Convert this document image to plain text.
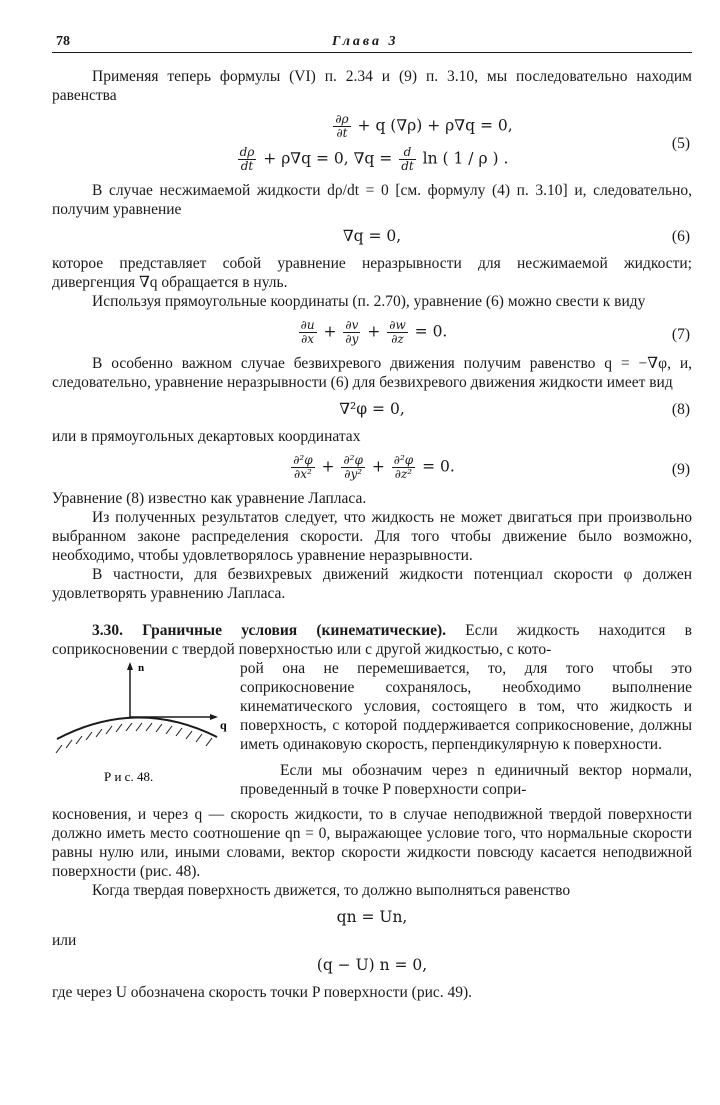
78	Глава 3

Применяя теперь формулы (VI) п. 2.34 и (9) п. 3.10, мы последовательно находим равенства

$\frac{\partial\rho}{\partial t} + q$ (∇ρ) + ρ∇q = 0,
$\frac{d\rho}{dt} + \rho\nabla q = 0$, $\nabla q = \frac{d}{dt}$ ln ( 1 / ρ ) .
(5)

В случае несжимаемой жидкости dρ/dt = 0 [см. формулу (4) п. 3.10] и, следовательно, получим уравнение

∇q = 0,	(6)

которое представляет собой уравнение неразрывности для несжимаемой жидкости; дивергенция ∇q обращается в нуль.

Используя прямоугольные координаты (п. 2.70), уравнение (6) можно свести к виду

$\frac{\partial u}{\partial x} + \frac{\partial v}{\partial y} + \frac{\partial w}{\partial z} = 0$.	(7)

В особенно важном случае безвихревого движения получим равенство q = −∇φ, и, следовательно, уравнение неразрывности (6) для безвихревого движения жидкости имеет вид

∇²φ = 0,	(8)

или в прямоугольных декартовых координатах

$\frac{\text{∂²φ}}{\text{∂x²}} + \frac{\text{∂²φ}}{\text{∂y²}} + \frac{\text{∂²φ}}{\text{∂z²}} = 0$.	(9)

Уравнение (8) известно как уравнение Лапласа.

Из полученных результатов следует, что жидкость не может двигаться при произвольно выбранном законе распределения скорости. Для того чтобы движение было возможно, необходимо, чтобы удовлетворялось уравнение неразрывности.

В частности, для безвихревых движений жидкости потенциал скорости φ должен удовлетворять уравнению Лапласа.

3.30. Граничные условия (кинематические). Если жидкость находится в соприкосновении с твердой поверхностью или с другой жидкостью, с кото-

n
q
Р и с. 48.

рой она не перемешивается, то, для того чтобы это соприкосновение сохранялось, необходимо выполнение кинематического условия, состоящего в том, что жидкость и поверхность, с которой поддерживается соприкосновение, должны иметь одинаковую скорость, перпендикулярную к поверхности.

Если мы обозначим через n единичный вектор нормали, проведенный в точке P поверхности сопри-

косновения, и через q — скорость жидкости, то в случае неподвижной твердой поверхности должно иметь место соотношение qn = 0, выражающее условие того, что нормальные скорости равны нулю или, иными словами, вектор скорости жидкости повсюду касается неподвижной поверхности (рис. 48).

Когда твердая поверхность движется, то должно выполняться равенство

qn = Un,

или

(q − U) n = 0,

где через U обозначена скорость точки P поверхности (рис. 49).
